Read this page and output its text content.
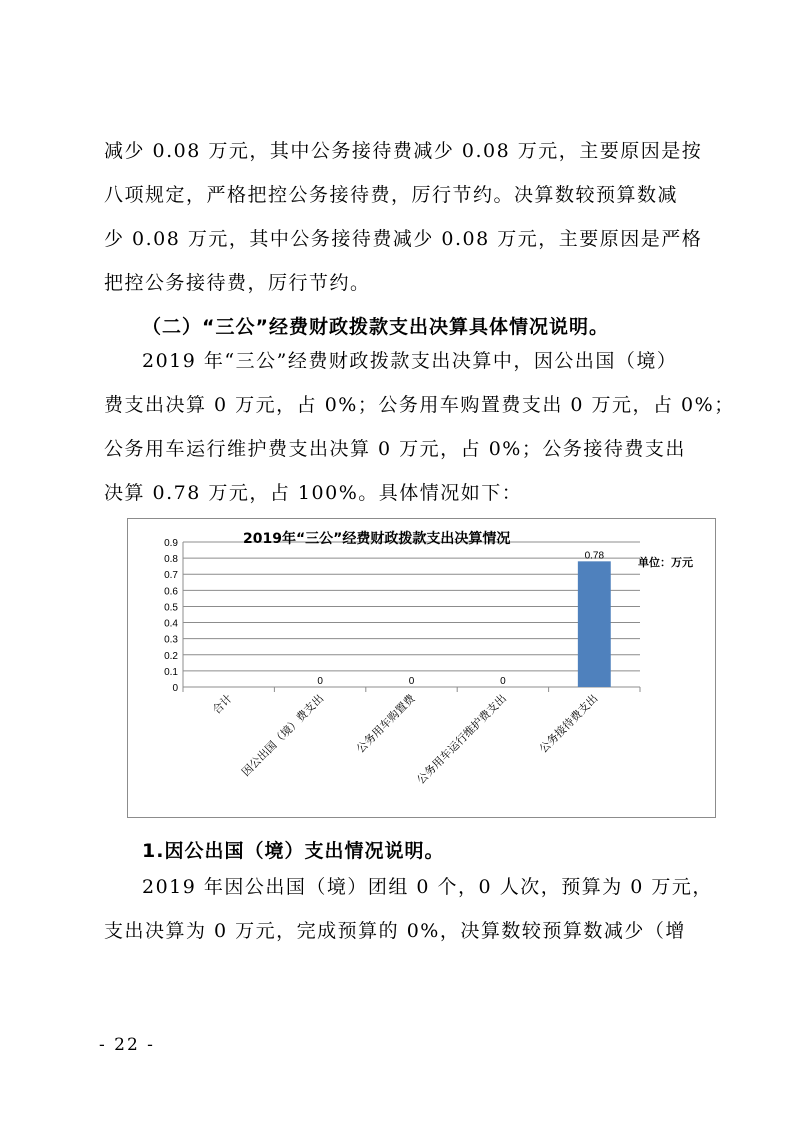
减少 0.08 万元，其中公务接待费减少 0.08 万元，主要原因是按
八项规定，严格把控公务接待费，厉行节约。决算数较预算数减
少 0.08 万元，其中公务接待费减少 0.08 万元，主要原因是严格
把控公务接待费，厉行节约。
（二）“三公”经费财政拨款支出决算具体情况说明。
2019 年“三公”经费财政拨款支出决算中，因公出国（境）
费支出决算 0 万元，占 0%；公务用车购置费支出 0 万元，占 0%；
公务用车运行维护费支出决算 0 万元，占 0%；公务接待费支出
决算 0.78 万元，占 100%。具体情况如下：
0
0.1
0.2
0.3
0.4
0.5
0.6
0.7
0.8
0.9
合计
0
因公出国（境）费支出
0
公务用车购置费
0
公务用车运行维护费支出
0.78
公务接待费支出
2019年“三公”经费财政拨款支出决算情况
单位：万元
1.因公出国（境）支出情况说明。
2019 年因公出国（境）团组 0 个，0 人次，预算为 0 万元，
支出决算为 0 万元，完成预算的 0%，决算数较预算数减少（增
- 22 -
